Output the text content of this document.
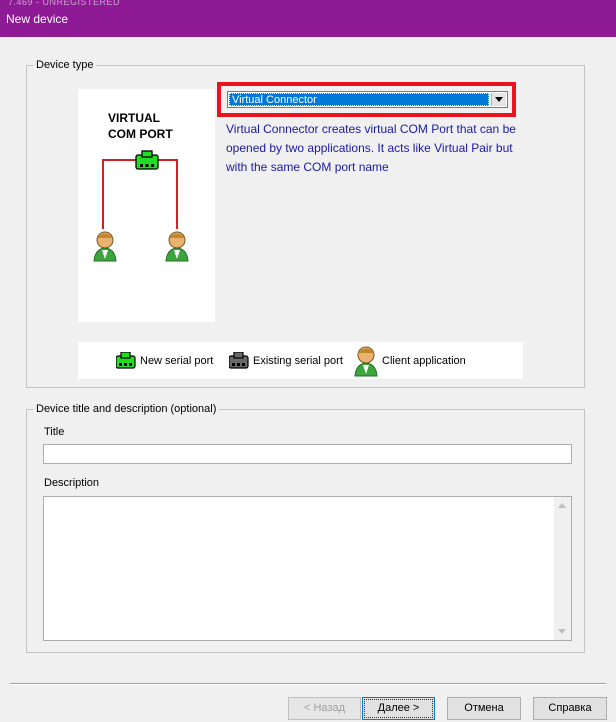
7.469 - UNREGISTERED
New device
Device type
VIRTUAL
COM PORT
New serial port	Existing serial port	Client application
Virtual Connector
Virtual Connector creates virtual COM Port that can be opened by two applications. It acts like Virtual Pair but with the same COM port name
Device title and description (optional)
Title
Description
< Назад	Далее >	Отмена	Справка
